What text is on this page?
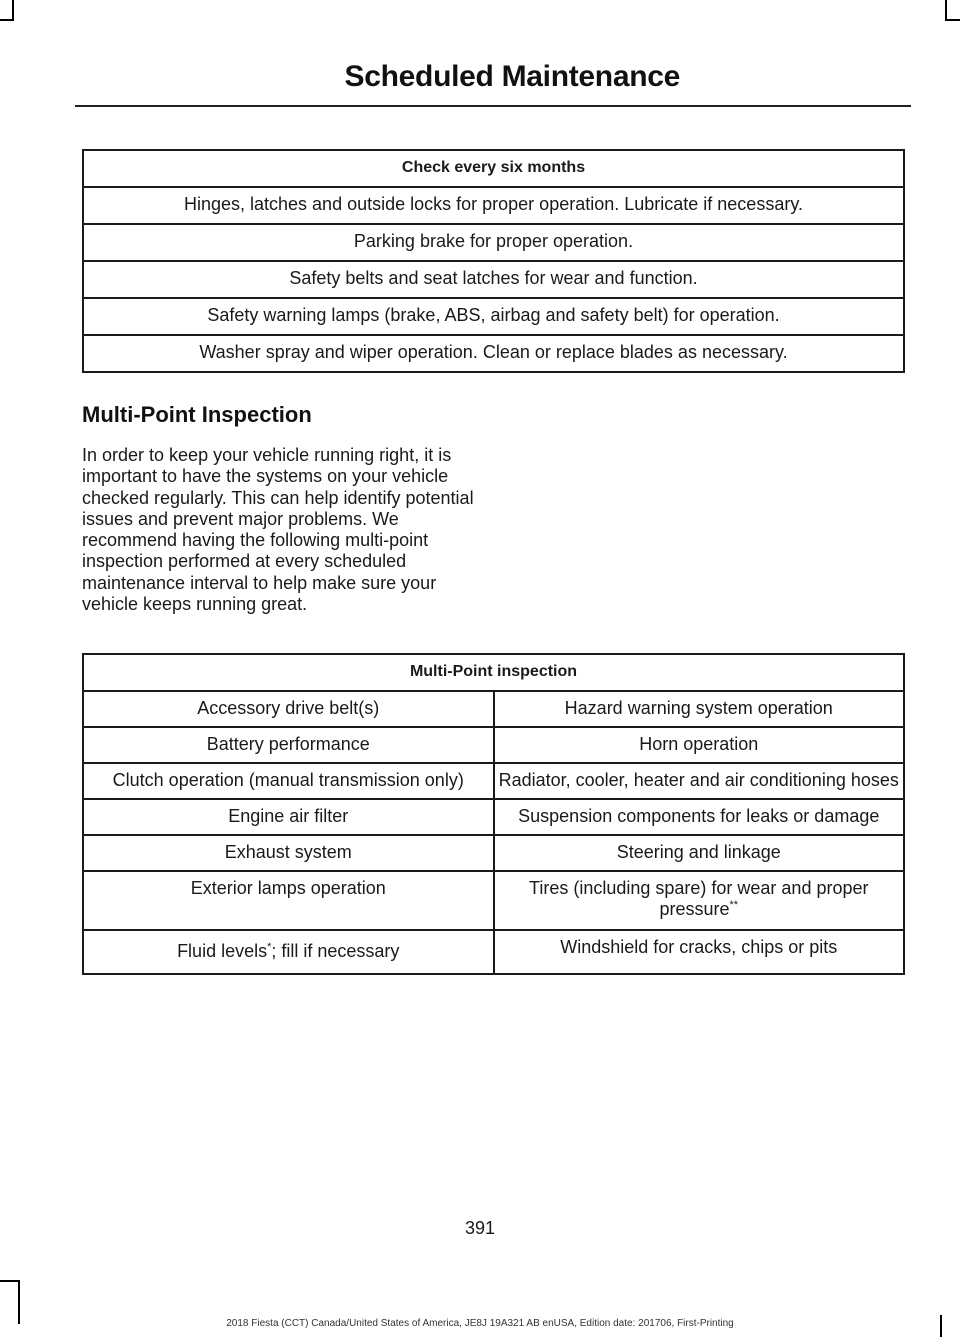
Scheduled Maintenance
Check every six months
Hinges, latches and outside locks for proper operation. Lubricate if necessary.
Parking brake for proper operation.
Safety belts and seat latches for wear and function.
Safety warning lamps (brake, ABS, airbag and safety belt) for operation.
Washer spray and wiper operation. Clean or replace blades as necessary.
Multi-Point Inspection
In order to keep your vehicle running right, it is important to have the systems on your vehicle checked regularly. This can help identify potential issues and prevent major problems. We recommend having the following multi-point inspection performed at every scheduled maintenance interval to help make sure your vehicle keeps running great.
Multi-Point inspection	
Accessory drive belt(s)	Hazard warning system operation
Battery performance	Horn operation
Clutch operation (manual transmission only)	Radiator, cooler, heater and air conditioning hoses
Engine air filter	Suspension components for leaks or damage
Exhaust system	Steering and linkage
Exterior lamps operation	Tires (including spare) for wear and proper pressure**
Fluid levels*; fill if necessary	Windshield for cracks, chips or pits
391
2018 Fiesta (CCT) Canada/United States of America, JE8J 19A321 AB enUSA, Edition date: 201706, First-Printing
